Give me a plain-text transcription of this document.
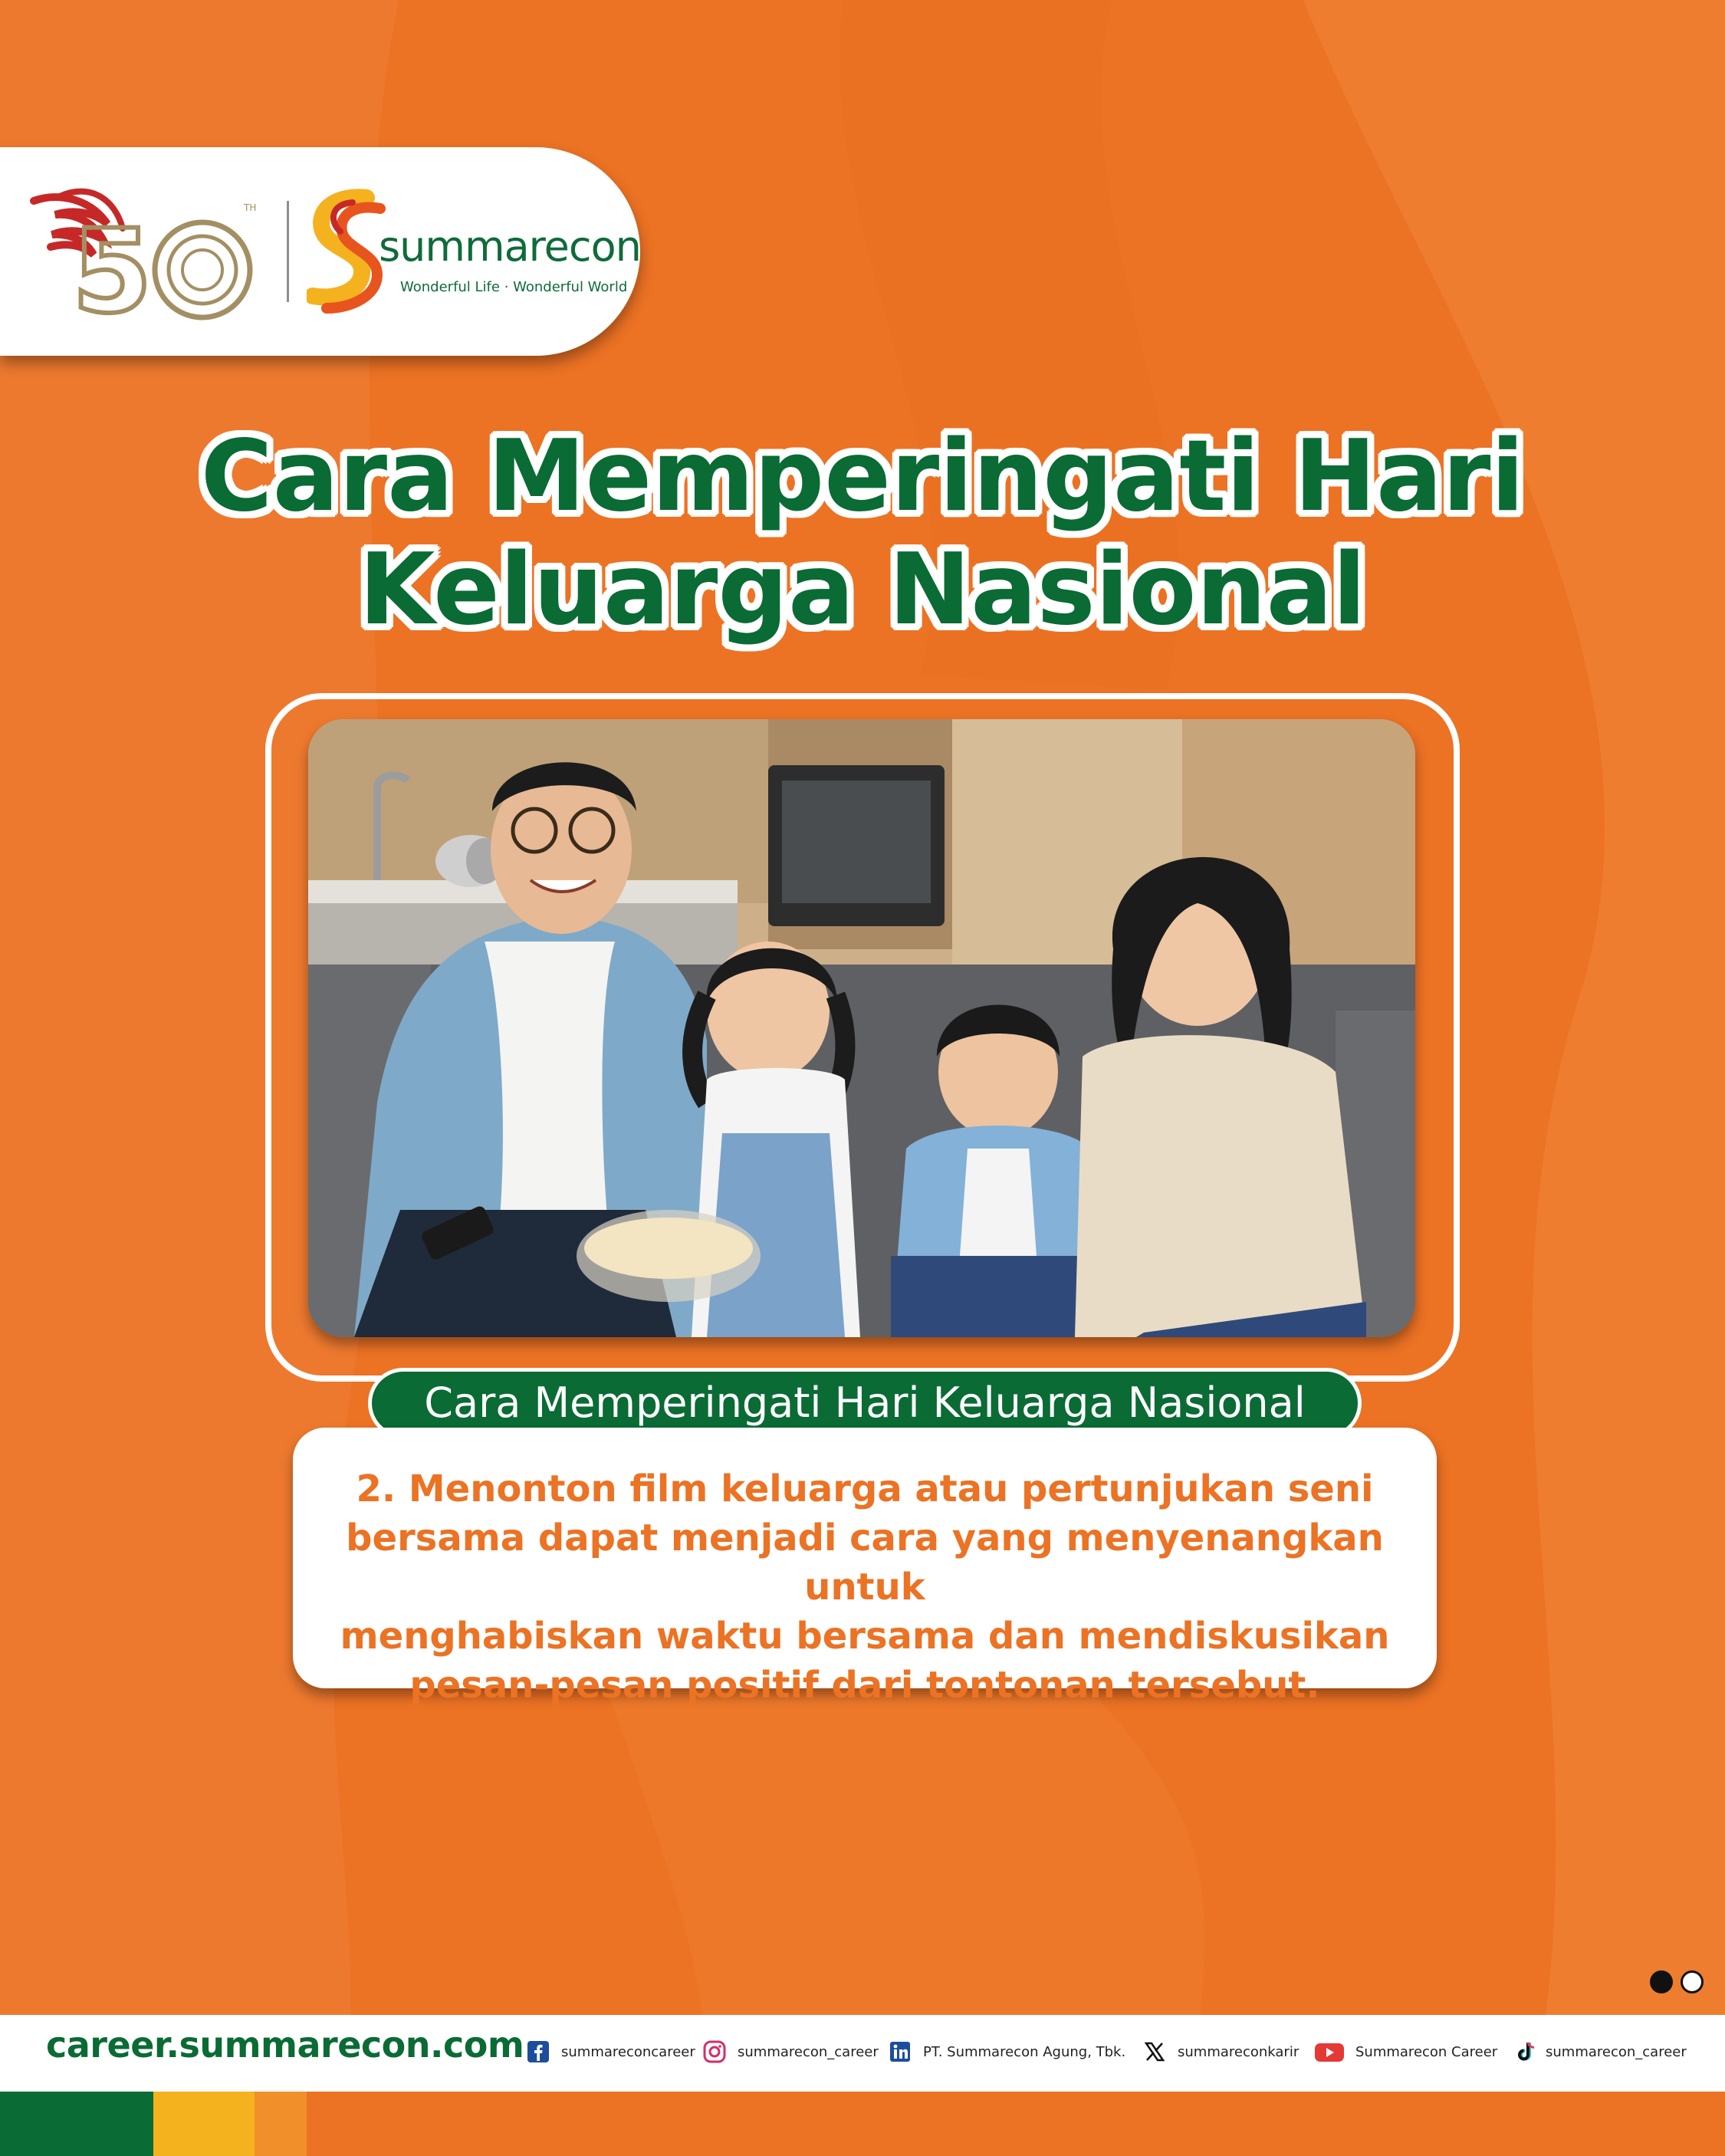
5	TH
summarecon
Wonderful Life · Wonderful World
Cara Memperingati Hari
Keluarga Nasional
Cara Memperingati Hari Keluarga Nasional
2. Menonton film keluarga atau pertunjukan seni
bersama dapat menjadi cara yang menyenangkan untuk
menghabiskan waktu bersama dan mendiskusikan
pesan-pesan positif dari tontonan tersebut.
career.summarecon.com	summareconcareer	summarecon_career	PT. Summarecon Agung, Tbk.	summareconkarir	Summarecon Career	summarecon_career
